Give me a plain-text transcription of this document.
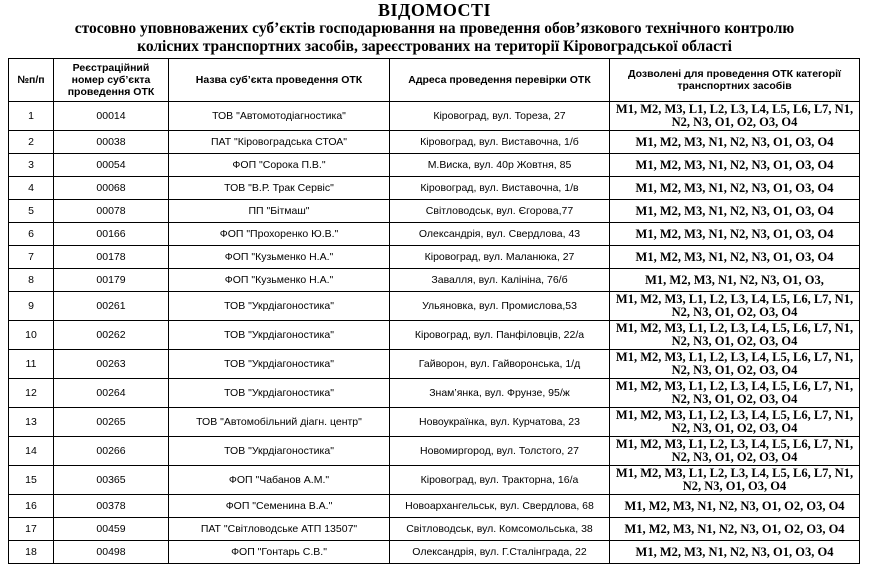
ВІДОМОСТІ
стосовно уповноважених суб’єктів господарювання на проведення обов’язкового технічного контролю
колісних транспортних засобів, зареєстрованих на території Кіровоградської області
№п/п	Реєстраційний номер суб’єкта проведення ОТК	Назва суб’єкта проведення ОТК	Адреса проведення перевірки ОТК	Дозволені для проведення ОТК категорії транспортних засобів
1	00014	ТОВ "Автомотодіагностика"	Кіровоград, вул. Тореза, 27	M1, M2, M3, L1, L2, L3, L4, L5, L6, L7, N1, N2, N3, O1, O2, O3, O4
2	00038	ПАТ "Кіровоградська СТОА"	Кіровоград, вул. Виставочна, 1/б	M1, M2, M3, N1, N2, N3, O1, O3, O4
3	00054	ФОП "Сорока П.В."	М.Виска, вул. 40р Жовтня, 85	M1, M2, M3, N1, N2, N3, O1, O3, O4
4	00068	ТОВ "В.Р. Трак Сервіс"	Кіровоград, вул. Виставочна, 1/в	M1, M2, M3, N1, N2, N3, O1, O3, O4
5	00078	ПП "Бітмаш"	Світловодськ, вул. Єгорова,77	M1, M2, M3, N1, N2, N3, O1, O3, O4
6	00166	ФОП "Прохоренко Ю.В."	Олександрія, вул. Свердлова, 43	M1, M2, M3, N1, N2, N3, O1, O3, O4
7	00178	ФОП "Кузьменко Н.А."	Кіровоград, вул. Маланюка, 27	M1, M2, M3, N1, N2, N3, O1, O3, O4
8	00179	ФОП "Кузьменко Н.А."	Завалля, вул. Калініна, 76/б	M1, M2, M3, N1, N2, N3, O1, O3,
9	00261	ТОВ "Укрдіагоностика"	Ульяновка, вул. Промислова,53	M1, M2, M3, L1, L2, L3, L4, L5, L6, L7, N1, N2, N3, O1, O2, O3, O4
10	00262	ТОВ "Укрдіагоностика"	Кіровоград, вул. Панфіловців, 22/а	M1, M2, M3, L1, L2, L3, L4, L5, L6, L7, N1, N2, N3, O1, O2, O3, O4
11	00263	ТОВ "Укрдіагоностика"	Гайворон, вул. Гайворонська, 1/д	M1, M2, M3, L1, L2, L3, L4, L5, L6, L7, N1, N2, N3, O1, O2, O3, O4
12	00264	ТОВ "Укрдіагоностика"	Знам’янка, вул. Фрунзе, 95/ж	M1, M2, M3, L1, L2, L3, L4, L5, L6, L7, N1, N2, N3, O1, O2, O3, O4
13	00265	ТОВ "Автомобільний діагн. центр"	Новоукраїнка, вул. Курчатова, 23	M1, M2, M3, L1, L2, L3, L4, L5, L6, L7, N1, N2, N3, O1, O2, O3, O4
14	00266	ТОВ "Укрдіагоностика"	Новомиргород, вул. Толстого, 27	M1, M2, M3, L1, L2, L3, L4, L5, L6, L7, N1, N2, N3, O1, O2, O3, O4
15	00365	ФОП "Чабанов А.М."	Кіровоград, вул. Тракторна, 16/а	M1, M2, M3, L1, L2, L3, L4, L5, L6, L7, N1, N2, N3, O1, O3, O4
16	00378	ФОП "Семенина В.А."	Новоархангельськ, вул. Свердлова, 68	M1, M2, M3, N1, N2, N3, O1, O2, O3, O4
17	00459	ПАТ "Світловодське АТП 13507"	Світловодськ, вул. Комсомольська, 38	M1, M2, M3, N1, N2, N3, O1, O2, O3, O4
18	00498	ФОП "Гонтарь С.В."	Олександрія, вул. Г.Сталінграда, 22	M1, M2, M3, N1, N2, N3, O1, O3, O4
